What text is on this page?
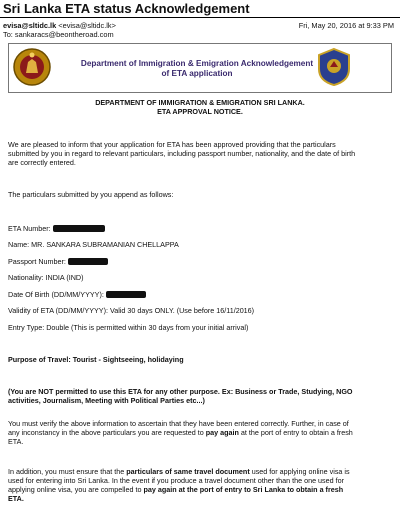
Sri Lanka ETA status Acknowledgement
evisa@sltidc.lk <evisa@sltidc.lk>
To: sankaracs@beontheroad.com
Fri, May 20, 2016 at 9:33 PM
Department of Immigration & Emigration Acknowledgement
of ETA application
DEPARTMENT OF IMMIGRATION & EMIGRATION SRI LANKA.
ETA APPROVAL NOTICE.
We are pleased to inform that your application for ETA has been approved providing that the particulars
submitted by you in regard to relevant particulars, including passport number, nationality, and the date of birth
are correctly entered.
The particulars submitted by you append as follows:
ETA Number:
Name: MR. SANKARA SUBRAMANIAN CHELLAPPA
Passport Number:
Nationality: INDIA (IND)
Date Of Birth (DD/MM/YYYY):
Validity of ETA (DD/MM/YYYY): Valid 30 days ONLY. (Use before 16/11/2016)
Entry Type: Double (This is permitted within 30 days from your initial arrival)
Purpose of Travel: Tourist - Sightseeing, holidaying
(You are NOT permitted to use this ETA for any other purpose. Ex: Business or Trade, Studying, NGO
activities, Journalism, Meeting with Political Parties etc...)
You must verify the above information to ascertain that they have been entered correctly. Further, in case of
any inconstancy in the above particulars you are requested to pay again at the port of entry to obtain a fresh
ETA.
In addition, you must ensure that the particulars of same travel document used for applying online visa is
used for entering into Sri Lanka. In the event if you produce a travel document other than the one used for
applying online visa, you are compelled to pay again at the port of entry to Sri Lanka to obtain a fresh
ETA.
